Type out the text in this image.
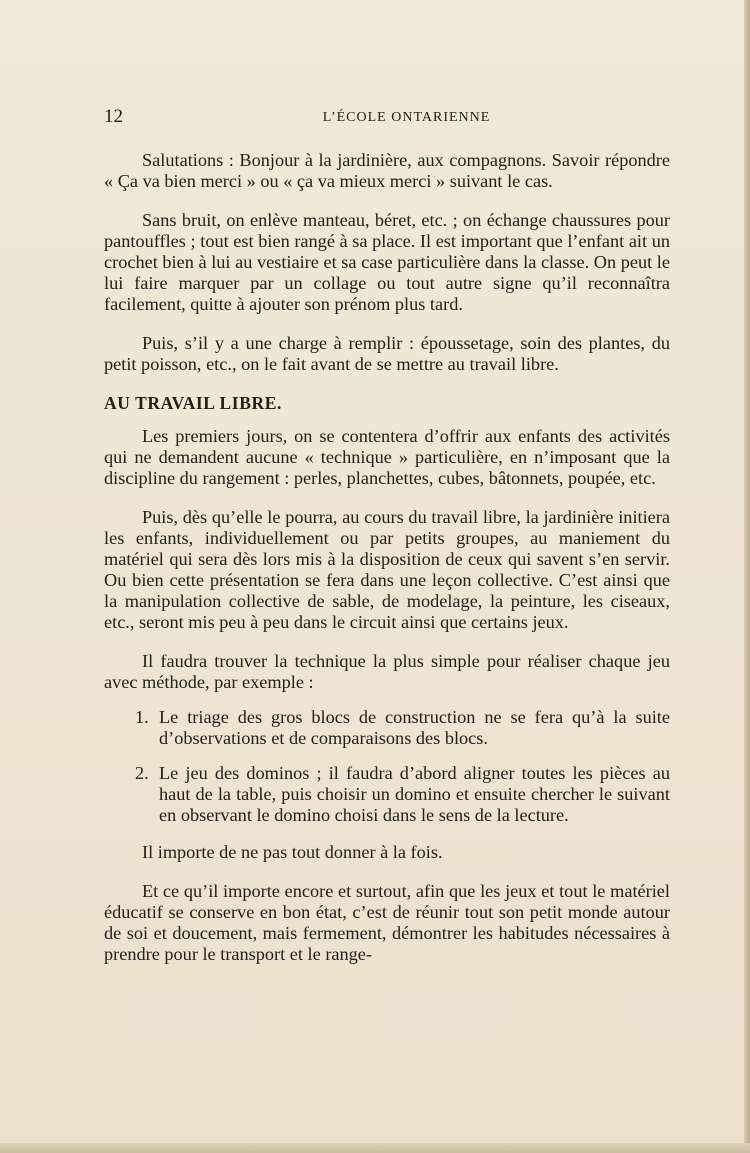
12	L’ÉCOLE ONTARIENNE

Salutations : Bonjour à la jardinière, aux compagnons. Savoir répondre « Ça va bien merci » ou « ça va mieux merci » suivant le cas.

Sans bruit, on enlève manteau, béret, etc. ; on échange chaussures pour pantouffles ; tout est bien rangé à sa place. Il est important que l’enfant ait un crochet bien à lui au vestiaire et sa case particulière dans la classe. On peut le lui faire marquer par un collage ou tout autre signe qu’il reconnaîtra facilement, quitte à ajouter son prénom plus tard.

Puis, s’il y a une charge à remplir : époussetage, soin des plantes, du petit poisson, etc., on le fait avant de se mettre au travail libre.

AU TRAVAIL LIBRE.

Les premiers jours, on se contentera d’offrir aux enfants des activités qui ne demandent aucune « technique » particulière, en n’imposant que la discipline du rangement : perles, planchettes, cubes, bâtonnets, poupée, etc.

Puis, dès qu’elle le pourra, au cours du travail libre, la jardinière initiera les enfants, individuellement ou par petits groupes, au maniement du matériel qui sera dès lors mis à la disposition de ceux qui savent s’en servir. Ou bien cette présentation se fera dans une leçon collective. C’est ainsi que la manipulation collective de sable, de modelage, la peinture, les ciseaux, etc., seront mis peu à peu dans le circuit ainsi que certains jeux.

Il faudra trouver la technique la plus simple pour réaliser chaque jeu avec méthode, par exemple :

1. Le triage des gros blocs de construction ne se fera qu’à la suite d’observations et de comparaisons des blocs.
2. Le jeu des dominos ; il faudra d’abord aligner toutes les pièces au haut de la table, puis choisir un domino et ensuite chercher le suivant en observant le domino choisi dans le sens de la lecture.

Il importe de ne pas tout donner à la fois.

Et ce qu’il importe encore et surtout, afin que les jeux et tout le matériel éducatif se conserve en bon état, c’est de réunir tout son petit monde autour de soi et doucement, mais fermement, démontrer les habitudes nécessaires à prendre pour le transport et le range-
